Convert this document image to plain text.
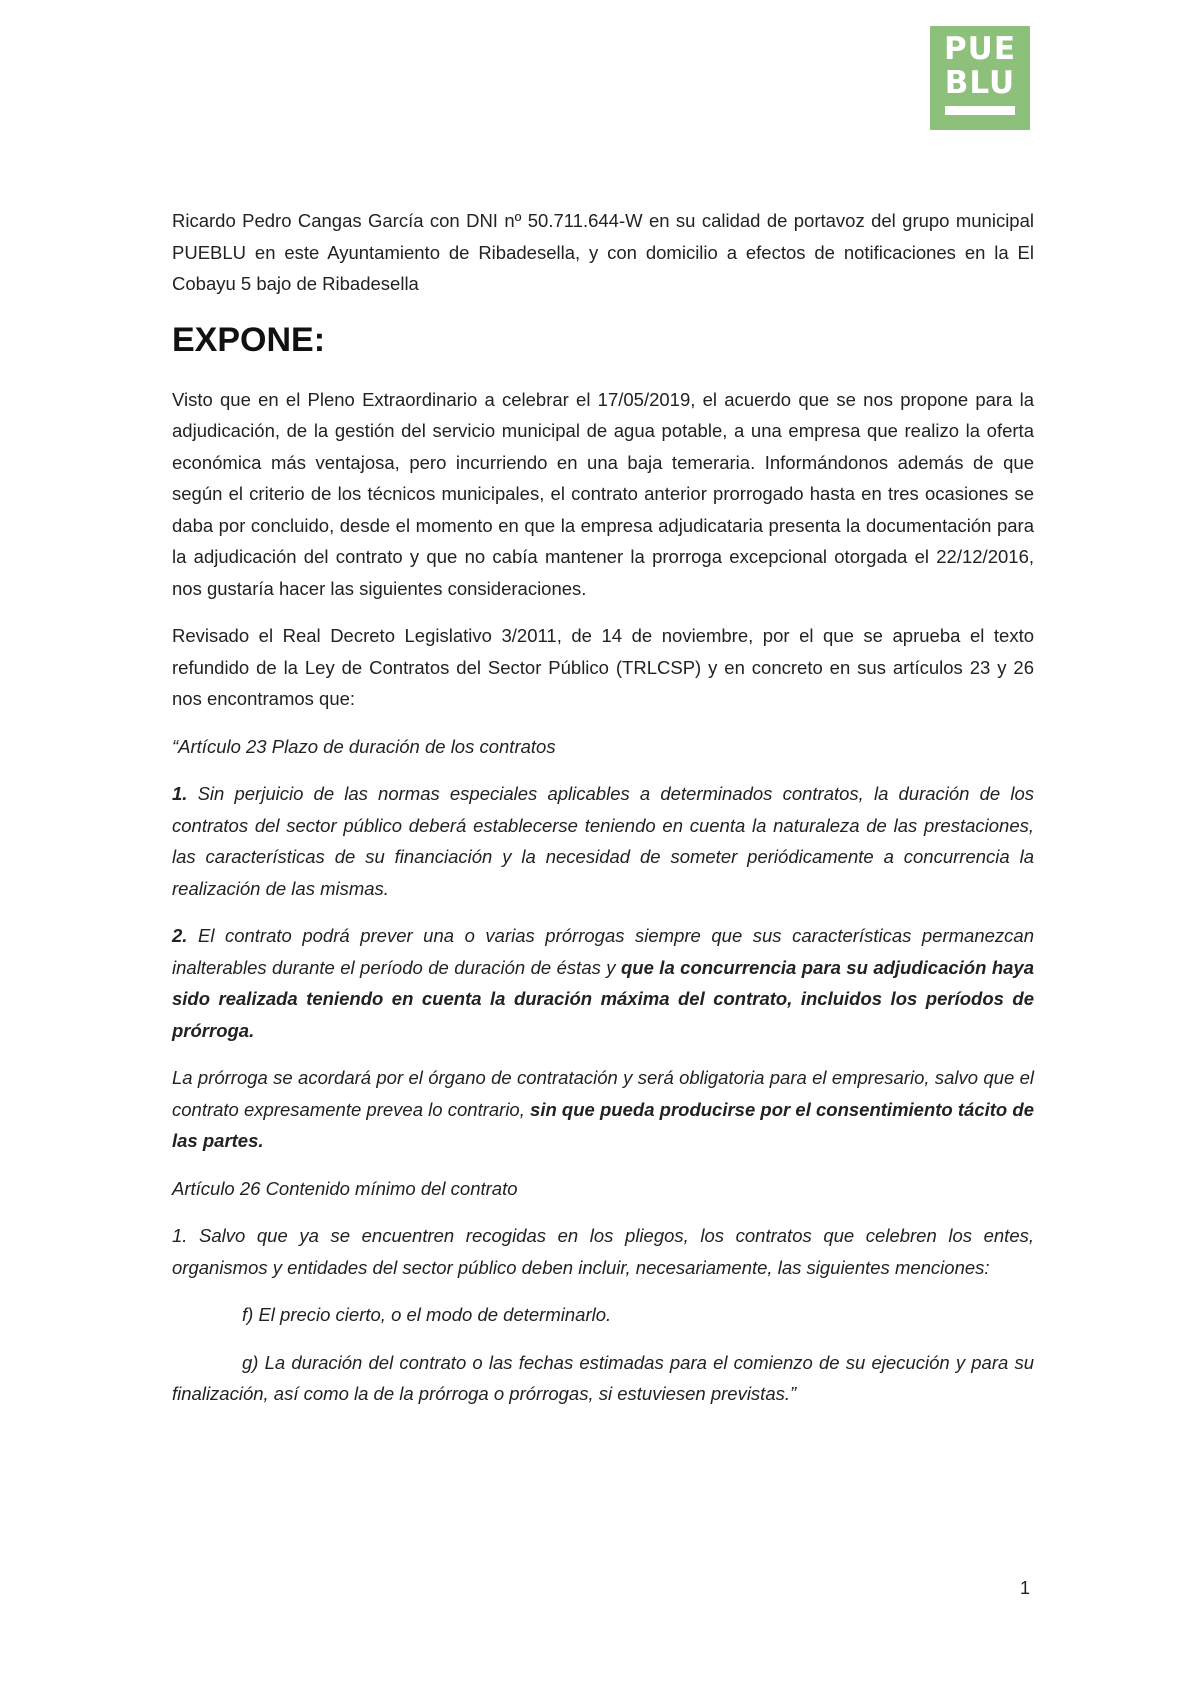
PUE
BLU

Ricardo Pedro Cangas García con DNI nº 50.711.644-W en su calidad de portavoz del grupo municipal PUEBLU en este Ayuntamiento de Ribadesella, y con domicilio a efectos de notificaciones en la El Cobayu 5 bajo de Ribadesella

EXPONE:

Visto que en el Pleno Extraordinario a celebrar el 17/05/2019, el acuerdo que se nos propone para la adjudicación, de la gestión del servicio municipal de agua potable, a una empresa que realizo la oferta económica más ventajosa, pero incurriendo en una baja temeraria. Informándonos además de que según el criterio de los técnicos municipales, el contrato anterior prorrogado hasta en tres ocasiones se daba por concluido, desde el momento en que la empresa adjudicataria presenta la documentación para la adjudicación del contrato y que no cabía mantener la prorroga excepcional otorgada el 22/12/2016, nos gustaría hacer las siguientes consideraciones.

Revisado el Real Decreto Legislativo 3/2011, de 14 de noviembre, por el que se aprueba el texto refundido de la Ley de Contratos del Sector Público (TRLCSP) y en concreto en sus artículos 23 y 26 nos encontramos que:

“Artículo 23 Plazo de duración de los contratos

1. Sin perjuicio de las normas especiales aplicables a determinados contratos, la duración de los contratos del sector público deberá establecerse teniendo en cuenta la naturaleza de las prestaciones, las características de su financiación y la necesidad de someter periódicamente a concurrencia la realización de las mismas.

2. El contrato podrá prever una o varias prórrogas siempre que sus características permanezcan inalterables durante el período de duración de éstas y que la concurrencia para su adjudicación haya sido realizada teniendo en cuenta la duración máxima del contrato, incluidos los períodos de prórroga.

La prórroga se acordará por el órgano de contratación y será obligatoria para el empresario, salvo que el contrato expresamente prevea lo contrario, sin que pueda producirse por el consentimiento tácito de las partes.

Artículo 26 Contenido mínimo del contrato

1. Salvo que ya se encuentren recogidas en los pliegos, los contratos que celebren los entes, organismos y entidades del sector público deben incluir, necesariamente, las siguientes menciones:

f) El precio cierto, o el modo de determinarlo.

g) La duración del contrato o las fechas estimadas para el comienzo de su ejecución y para su finalización, así como la de la prórroga o prórrogas, si estuviesen previstas.”

1
